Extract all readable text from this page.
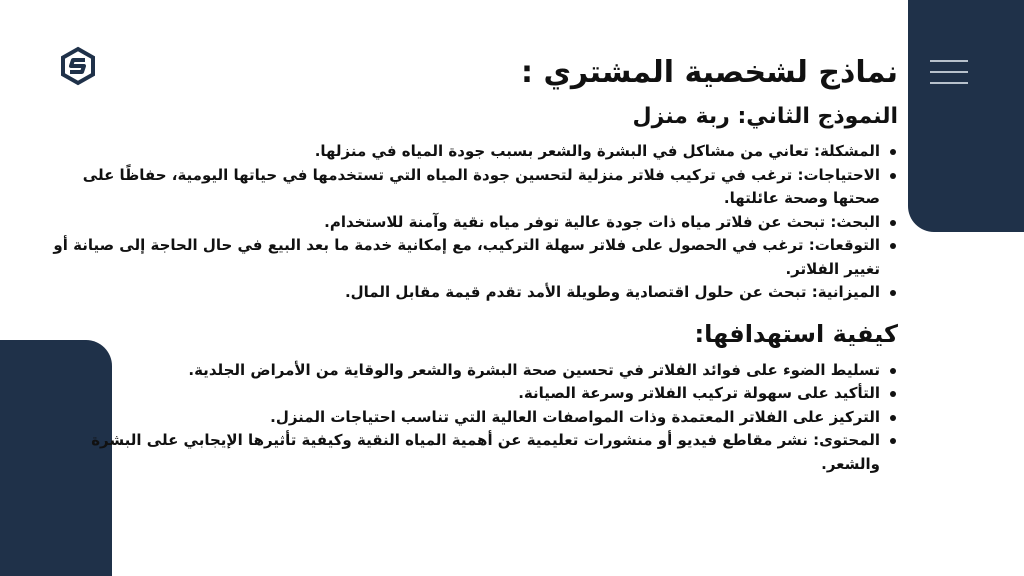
نماذج لشخصية المشتري :
النموذج الثاني: ربة منزل
المشكلة: تعاني من مشاكل في البشرة والشعر بسبب جودة المياه في منزلها.
الاحتياجات: ترغب في تركيب فلاتر منزلية لتحسين جودة المياه التي تستخدمها في حياتها اليومية، حفاظًا على صحتها وصحة عائلتها.
البحث: تبحث عن فلاتر مياه ذات جودة عالية توفر مياه نقية وآمنة للاستخدام.
التوقعات: ترغب في الحصول على فلاتر سهلة التركيب، مع إمكانية خدمة ما بعد البيع في حال الحاجة إلى صيانة أو تغيير الفلاتر.
الميزانية: تبحث عن حلول اقتصادية وطويلة الأمد تقدم قيمة مقابل المال.
كيفية استهدافها:
تسليط الضوء على فوائد الفلاتر في تحسين صحة البشرة والشعر والوقاية من الأمراض الجلدية.
التأكيد على سهولة تركيب الفلاتر وسرعة الصيانة.
التركيز على الفلاتر المعتمدة وذات المواصفات العالية التي تناسب احتياجات المنزل.
المحتوى: نشر مقاطع فيديو أو منشورات تعليمية عن أهمية المياه النقية وكيفية تأثيرها الإيجابي على البشرة والشعر.
